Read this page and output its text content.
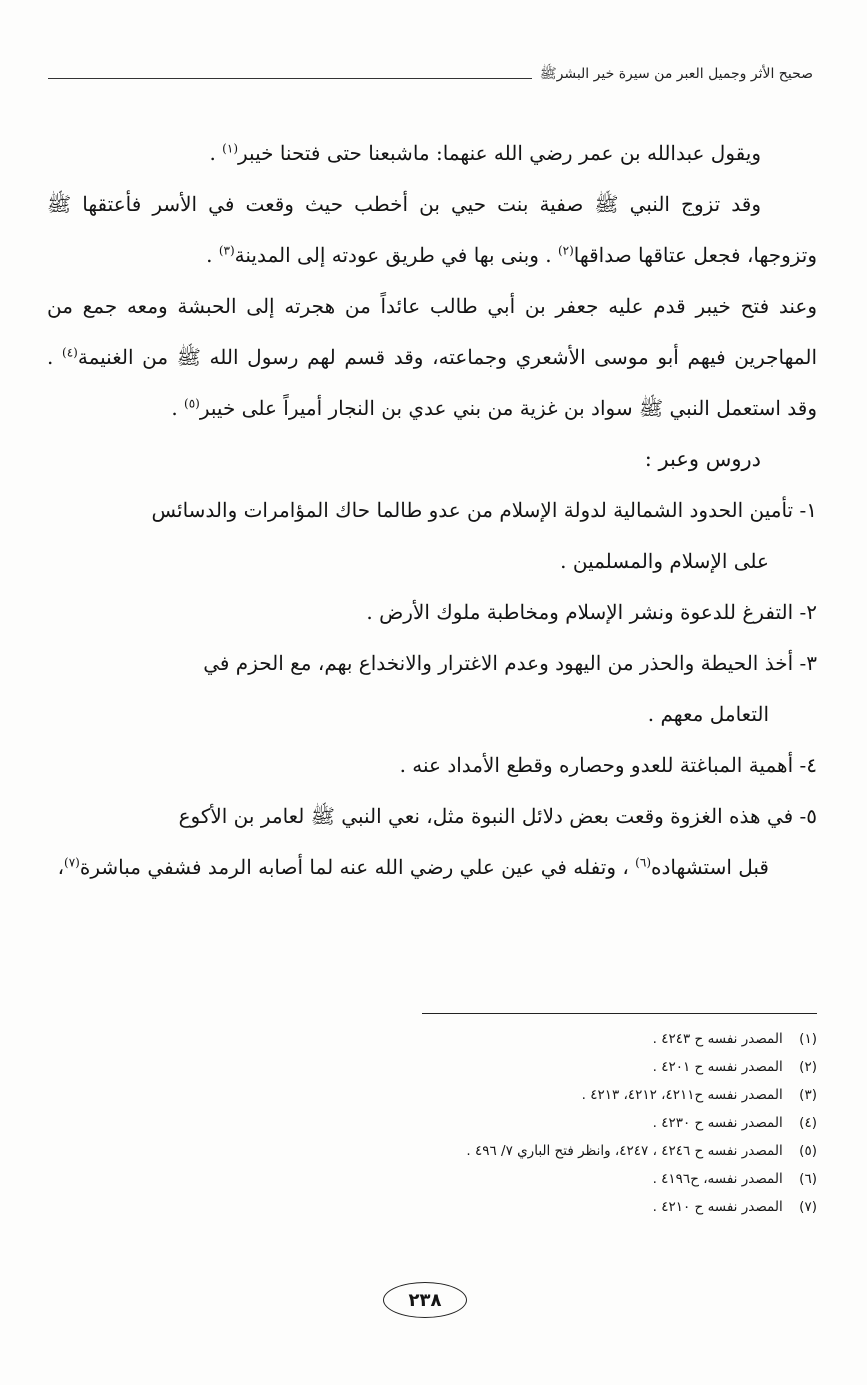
صحيح الأثر وجميل العبر من سيرة خير البشرﷺ

ويقول عبدالله بن عمر رضي الله عنهما: ماشبعنا حتى فتحنا خيبر$^{(١)}$ .

وقد تزوج النبي ﷺ صفية بنت حيي بن أخطب حيث وقعت في الأسر فأعتقها ﷺ وتزوجها، فجعل عتاقها صداقها$^{(٢)}$ . وبنى بها في طريق عودته إلى المدينة$^{(٣)}$ .

وعند فتح خيبر قدم عليه جعفر بن أبي طالب عائداً من هجرته إلى الحبشة ومعه جمع من المهاجرين فيهم أبو موسى الأشعري وجماعته، وقد قسم لهم رسول الله ﷺ من الغنيمة$^{(٤)}$ . وقد استعمل النبي ﷺ سواد بن غزية من بني عدي بن النجار أميراً على خيبر$^{(٥)}$ .

دروس وعبر :

١- تأمين الحدود الشمالية لدولة الإسلام من عدو طالما حاك المؤامرات والدسائس

على الإسلام والمسلمين .

٢- التفرغ للدعوة ونشر الإسلام ومخاطبة ملوك الأرض .

٣- أخذ الحيطة والحذر من اليهود وعدم الاغترار والانخداع بهم، مع الحزم في

التعامل معهم .

٤- أهمية المباغتة للعدو وحصاره وقطع الأمداد عنه .

٥- في هذه الغزوة وقعت بعض دلائل النبوة مثل، نعي النبي ﷺ لعامر بن الأكوع

قبل استشهاده$^{(٦)}$ ، وتفله في عين علي رضي الله عنه لما أصابه الرمد فشفي مباشرة$^{(٧)}$،

(١) المصدر نفسه ح ٤٢٤٣ .
(٢) المصدر نفسه ح ٤٢٠١ .
(٣) المصدر نفسه ح٤٢١١، ٤٢١٢، ٤٢١٣ .
(٤) المصدر نفسه ح ٤٢٣٠ .
(٥) المصدر نفسه ح ٤٢٤٦ ، ٤٢٤٧، وانظر فتح الباري ٧/ ٤٩٦ .
(٦) المصدر نفسه، ح٤١٩٦ .
(٧) المصدر نفسه ح ٤٢١٠ .
٢٣٨
